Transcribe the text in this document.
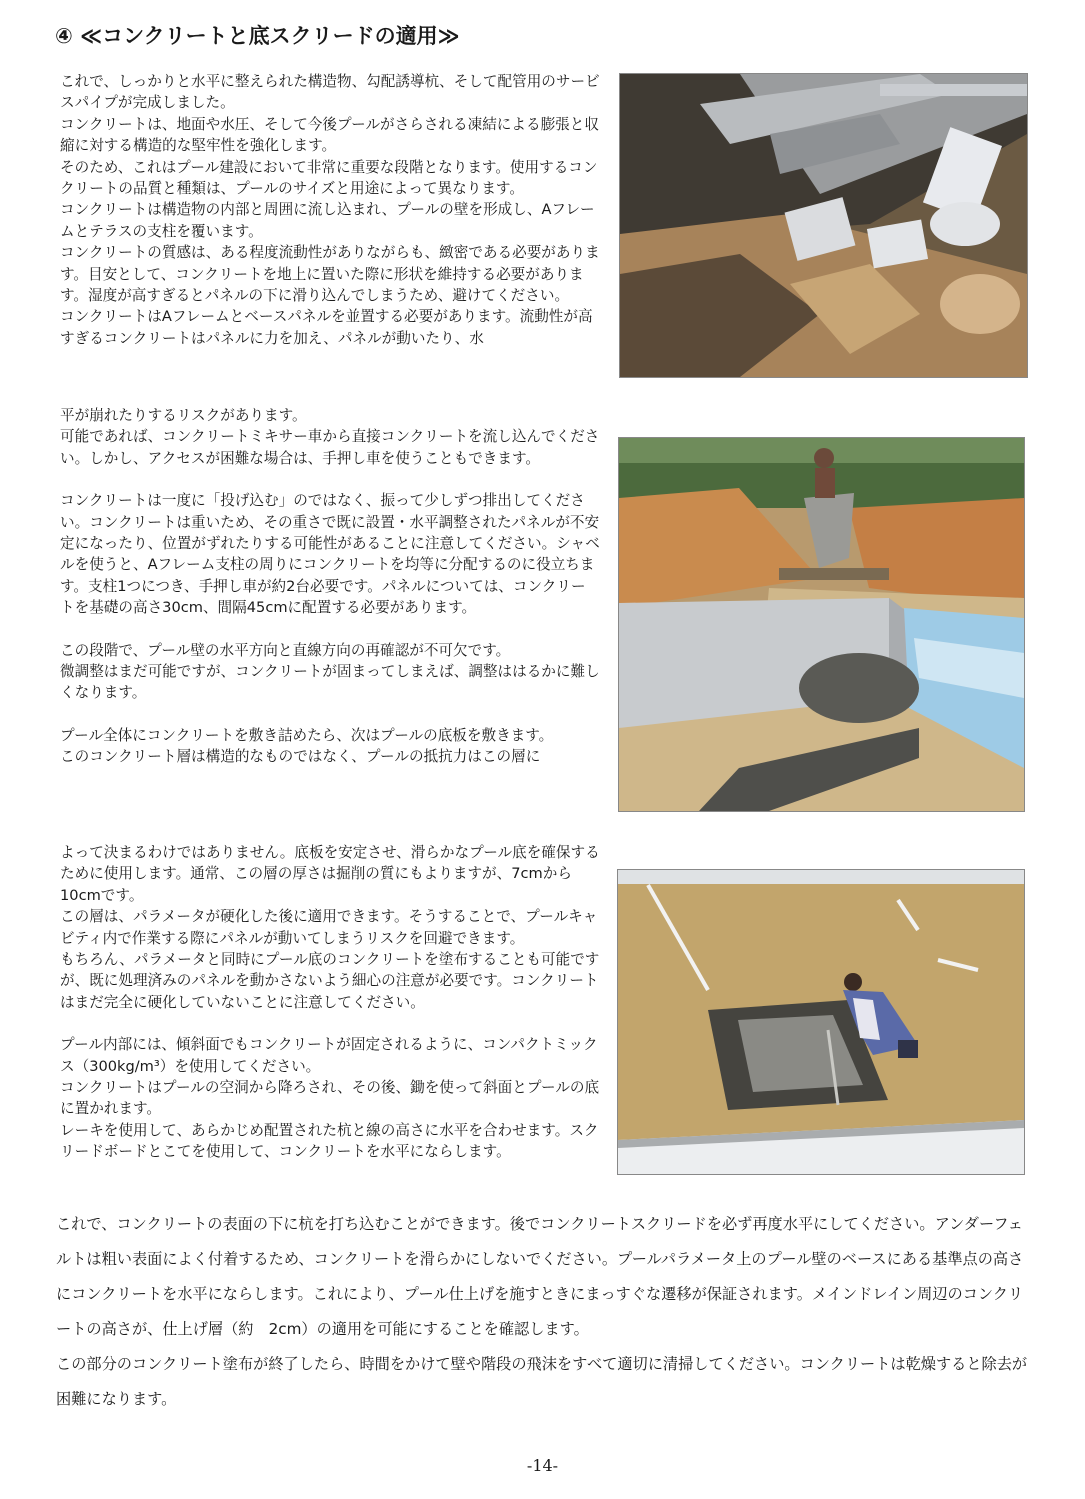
④ ≪コンクリートと底スクリードの適用≫

これで、しっかりと水平に整えられた構造物、勾配誘導杭、そして配管用のサービスパイプが完成しました。

コンクリートは、地面や水圧、そして今後プールがさらされる凍結による膨張と収縮に対する構造的な堅牢性を強化します。

そのため、これはプール建設において非常に重要な段階となります。使用するコンクリートの品質と種類は、プールのサイズと用途によって異なります。

コンクリートは構造物の内部と周囲に流し込まれ、プールの壁を形成し、Aフレームとテラスの支柱を覆います。

コンクリートの質感は、ある程度流動性がありながらも、緻密である必要があります。目安として、コンクリートを地上に置いた際に形状を維持する必要があります。湿度が高すぎるとパネルの下に滑り込んでしまうため、避けてください。

コンクリートはAフレームとベースパネルを並置する必要があります。流動性が高すぎるコンクリートはパネルに力を加え、パネルが動いたり、水

平が崩れたりするリスクがあります。

可能であれば、コンクリートミキサー車から直接コンクリートを流し込んでください。しかし、アクセスが困難な場合は、手押し車を使うこともできます。

コンクリートは一度に「投げ込む」のではなく、振って少しずつ排出してください。コンクリートは重いため、その重さで既に設置・水平調整されたパネルが不安定になったり、位置がずれたりする可能性があることに注意してください。シャベルを使うと、Aフレーム支柱の周りにコンクリートを均等に分配するのに役立ちます。支柱1つにつき、手押し車が約2台必要です。パネルについては、コンクリートを基礎の高さ30cm、間隔45cmに配置する必要があります。

この段階で、プール壁の水平方向と直線方向の再確認が不可欠です。

微調整はまだ可能ですが、コンクリートが固まってしまえば、調整ははるかに難しくなります。

プール全体にコンクリートを敷き詰めたら、次はプールの底板を敷きます。

このコンクリート層は構造的なものではなく、プールの抵抗力はこの層に

よって決まるわけではありません。底板を安定させ、滑らかなプール底を確保するために使用します。通常、この層の厚さは掘削の質にもよりますが、7cmから10cmです。

この層は、パラメータが硬化した後に適用できます。そうすることで、プールキャビティ内で作業する際にパネルが動いてしまうリスクを回避できます。

もちろん、パラメータと同時にプール底のコンクリートを塗布することも可能ですが、既に処理済みのパネルを動かさないよう細心の注意が必要です。コンクリートはまだ完全に硬化していないことに注意してください。

プール内部には、傾斜面でもコンクリートが固定されるように、コンパクトミックス（300kg/m³）を使用してください。

コンクリートはプールの空洞から降ろされ、その後、鋤を使って斜面とプールの底に置かれます。

レーキを使用して、あらかじめ配置された杭と線の高さに水平を合わせます。スクリードボードとこてを使用して、コンクリートを水平にならします。

これで、コンクリートの表面の下に杭を打ち込むことができます。後でコンクリートスクリードを必ず再度水平にしてください。アンダーフェルトは粗い表面によく付着するため、コンクリートを滑らかにしないでください。プールパラメータ上のプール壁のベースにある基準点の高さにコンクリートを水平にならします。これにより、プール仕上げを施すときにまっすぐな遷移が保証されます。メインドレイン周辺のコンクリートの高さが、仕上げ層（約　2cm）の適用を可能にすることを確認します。

この部分のコンクリート塗布が終了したら、時間をかけて壁や階段の飛沫をすべて適切に清掃してください。コンクリートは乾燥すると除去が困難になります。

-14-
